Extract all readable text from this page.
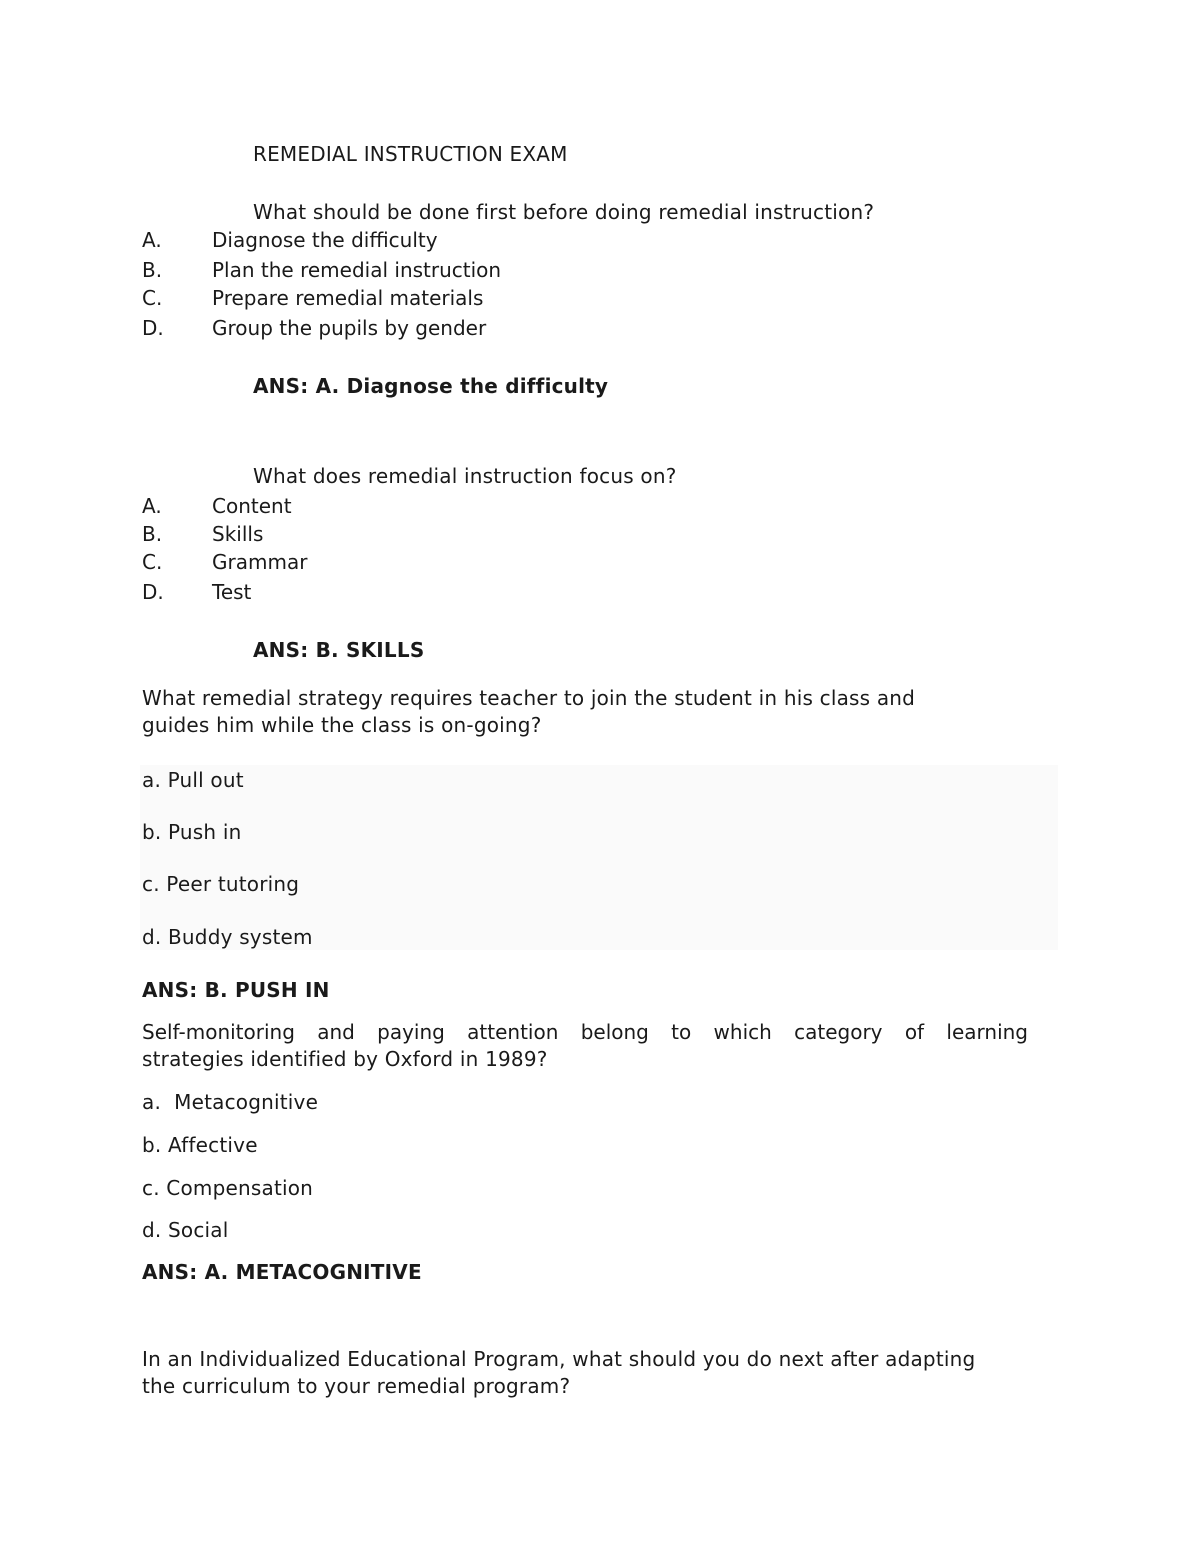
REMEDIAL INSTRUCTION EXAM
What should be done first before doing remedial instruction?
A.	Diagnose the difficulty
B. Plan the remedial instruction
C. Prepare remedial materials
D. Group the pupils by gender
ANS: A. Diagnose the difficulty
What does remedial instruction focus on?
A.	Content
B. Skills
C. Grammar
D. Test
ANS: B. SKILLS
What remedial strategy requires teacher to join the student in his class and
guides him while the class is on-going?
a. Pull out
b. Push in
c. Peer tutoring
d. Buddy system
ANS: B. PUSH IN
Self-monitoring and paying attention belong to which category of learning
strategies identified by Oxford in 1989?
a.  Metacognitive
b. Affective
c. Compensation
d. Social
ANS: A. METACOGNITIVE
In an Individualized Educational Program, what should you do next after adapting
the curriculum to your remedial program?
